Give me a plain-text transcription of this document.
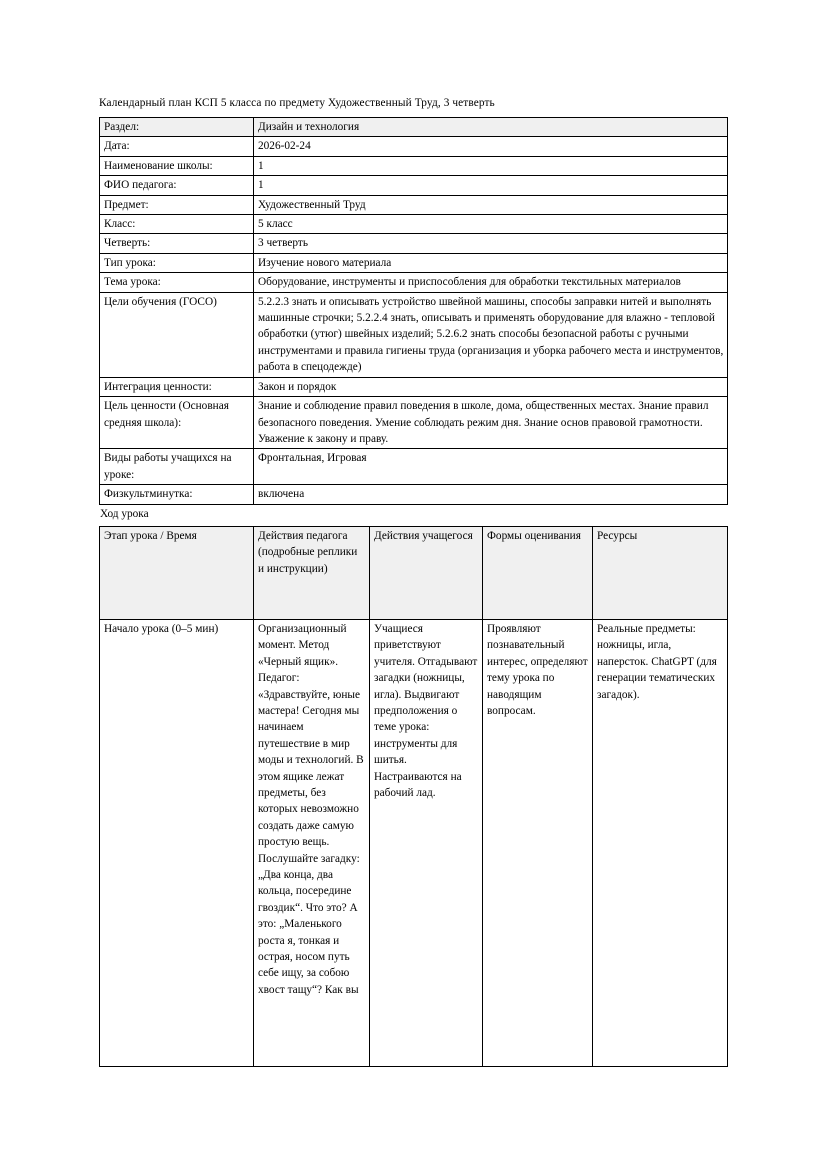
Календарный план КСП 5 класса по предмету Художественный Труд, 3 четверть

Раздел:	Дизайн и технология
Дата:	2026-02-24
Наименование школы:	1
ФИО педагога:	1
Предмет:	Художественный Труд
Класс:	5 класс
Четверть:	3 четверть
Тип урока:	Изучение нового материала
Тема урока:	Оборудование, инструменты и приспособления для обработки текстильных материалов
Цели обучения (ГОСО)	5.2.2.3 знать и описывать устройство швейной машины, способы заправки нитей и выполнять машинные строчки; 5.2.2.4 знать, описывать и применять оборудование для влажно - тепловой обработки (утюг) швейных изделий; 5.2.6.2 знать способы безопасной работы с ручными инструментами и правила гигиены труда (организация и уборка рабочего места и инструментов, работа в спецодежде)
Интеграция ценности:	Закон и порядок
Цель ценности (Основная средняя школа):	Знание и соблюдение правил поведения в школе, дома, общественных местах. Знание правил безопасного поведения. Умение соблюдать режим дня. Знание основ правовой грамотности. Уважение к закону и праву.
Виды работы учащихся на уроке:	Фронтальная, Игровая
Физкультминутка:	включена

Ход урока

Этап урока / Время	Действия педагога (подробные реплики и инструкции)	Действия учащегося	Формы оценивания	Ресурсы
Начало урока (0–5 мин)	Организационный момент. Метод «Черный ящик». Педагог: «Здравствуйте, юные мастера! Сегодня мы начинаем путешествие в мир моды и технологий. В этом ящике лежат предметы, без которых невозможно создать даже самую простую вещь. Послушайте загадку: „Два конца, два кольца, посередине гвоздик“. Что это? А это: „Маленького роста я, тонкая и острая, носом путь себе ищу, за собою хвост тащу“? Как вы	Учащиеся приветствуют учителя. Отгадывают загадки (ножницы, игла). Выдвигают предположения о теме урока: инструменты для шитья. Настраиваются на рабочий лад.	Проявляют познавательный интерес, определяют тему урока по наводящим вопросам.	Реальные предметы: ножницы, игла, наперсток. ChatGPT (для генерации тематических загадок).
